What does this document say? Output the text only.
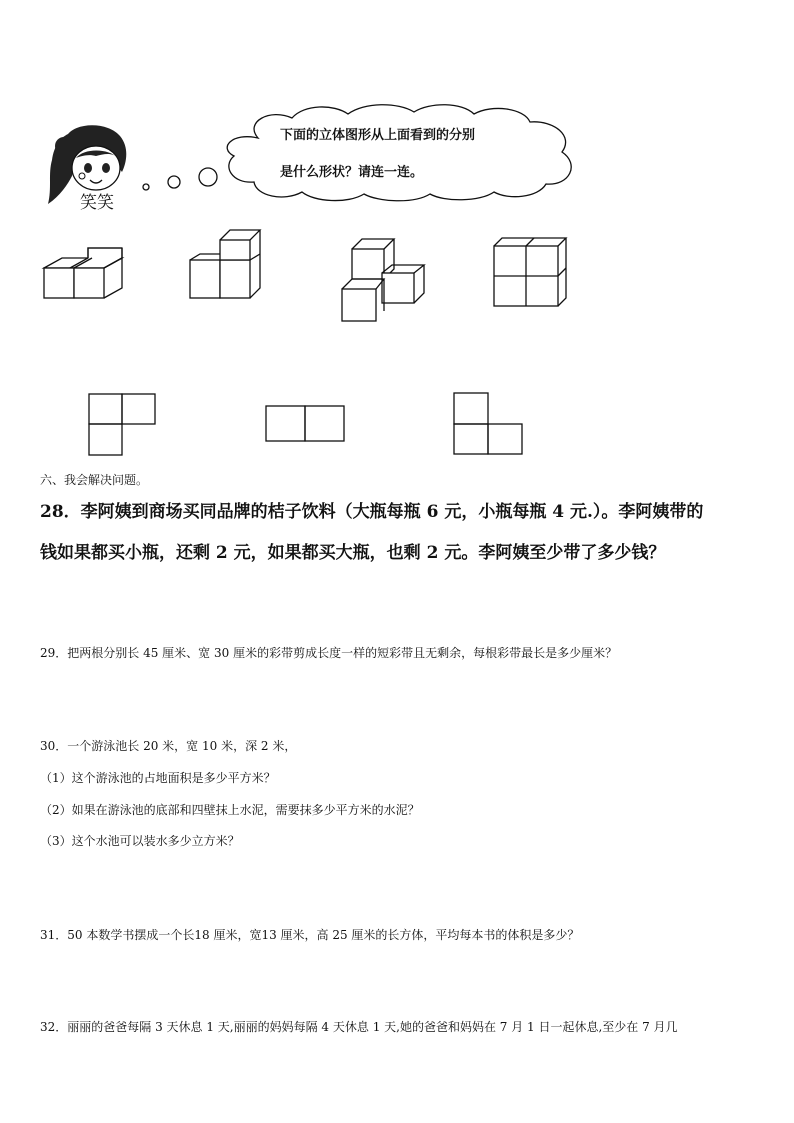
笑笑
下面的立体图形从上面看到的分别
是什么形状？请连一连。
六、我会解决问题。
28．李阿姨到商场买同品牌的桔子饮料（大瓶每瓶 6 元，小瓶每瓶 4 元.）。李阿姨带的
钱如果都买小瓶，还剩 2 元，如果都买大瓶，也剩 2 元。李阿姨至少带了多少钱？
29．把两根分别长 45 厘米、宽 30 厘米的彩带剪成长度一样的短彩带且无剩余，每根彩带最长是多少厘米？
30．一个游泳池长 20 米，宽 10 米，深 2 米，
（1）这个游泳池的占地面积是多少平方米？
（2）如果在游泳池的底部和四壁抹上水泥，需要抹多少平方米的水泥？
（3）这个水池可以装水多少立方米？
31．50 本数学书摆成一个长18 厘米，宽13 厘米，高 25 厘米的长方体，平均每本书的体积是多少？
32．丽丽的爸爸每隔 3 天休息 1 天,丽丽的妈妈每隔 4 天休息 1 天,她的爸爸和妈妈在 7 月 1 日一起休息,至少在 7 月几
